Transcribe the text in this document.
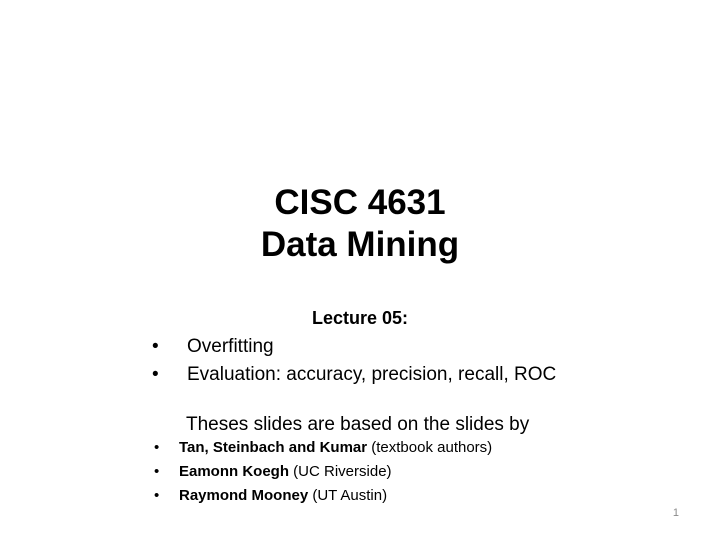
CISC 4631
Data Mining
Lecture 05:
• Overfitting
• Evaluation: accuracy, precision, recall, ROC
Theses slides are based on the slides by
• Tan, Steinbach and Kumar (textbook authors)
• Eamonn Koegh (UC Riverside)
• Raymond Mooney (UT Austin)
1
